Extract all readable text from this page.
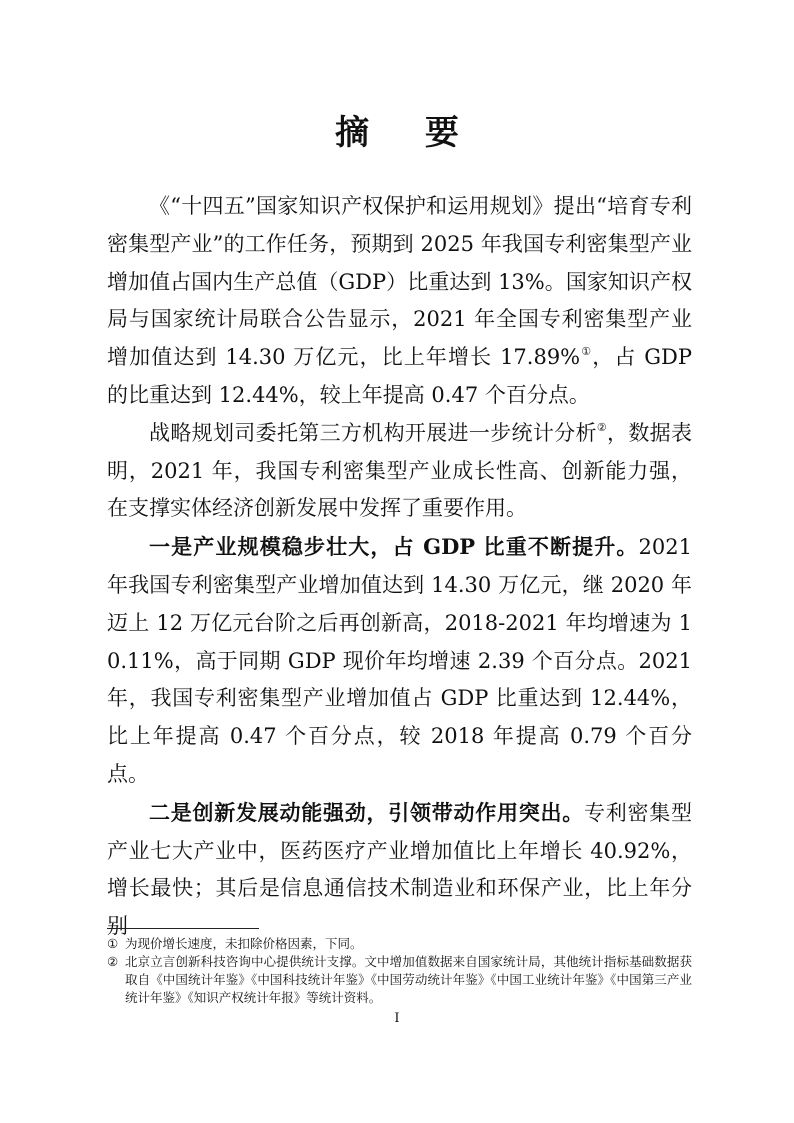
摘 要

《“十四五”国家知识产权保护和运用规划》提出“培育专利密集型产业”的工作任务，预期到 2025 年我国专利密集型产业增加值占国内生产总值（GDP）比重达到 13%。国家知识产权局与国家统计局联合公告显示，2021 年全国专利密集型产业增加值达到 14.30 万亿元，比上年增长 17.89%①，占 GDP 的比重达到 12.44%，较上年提高 0.47 个百分点。

战略规划司委托第三方机构开展进一步统计分析②，数据表明，2021 年，我国专利密集型产业成长性高、创新能力强，在支撑实体经济创新发展中发挥了重要作用。

一是产业规模稳步壮大，占 GDP 比重不断提升。2021 年我国专利密集型产业增加值达到 14.30 万亿元，继 2020 年迈上 12 万亿元台阶之后再创新高，2018-2021 年均增速为 10.11%，高于同期 GDP 现价年均增速 2.39 个百分点。2021 年，我国专利密集型产业增加值占 GDP 比重达到 12.44%，比上年提高 0.47 个百分点，较 2018 年提高 0.79 个百分点。

二是创新发展动能强劲，引领带动作用突出。专利密集型产业七大产业中，医药医疗产业增加值比上年增长 40.92%，增长最快；其后是信息通信技术制造业和环保产业，比上年分别

① 为现价增长速度，未扣除价格因素，下同。

② 北京立言创新科技咨询中心提供统计支撑。文中增加值数据来自国家统计局，其他统计指标基础数据获取自《中国统计年鉴》《中国科技统计年鉴》《中国劳动统计年鉴》《中国工业统计年鉴》《中国第三产业统计年鉴》《知识产权统计年报》等统计资料。

I
